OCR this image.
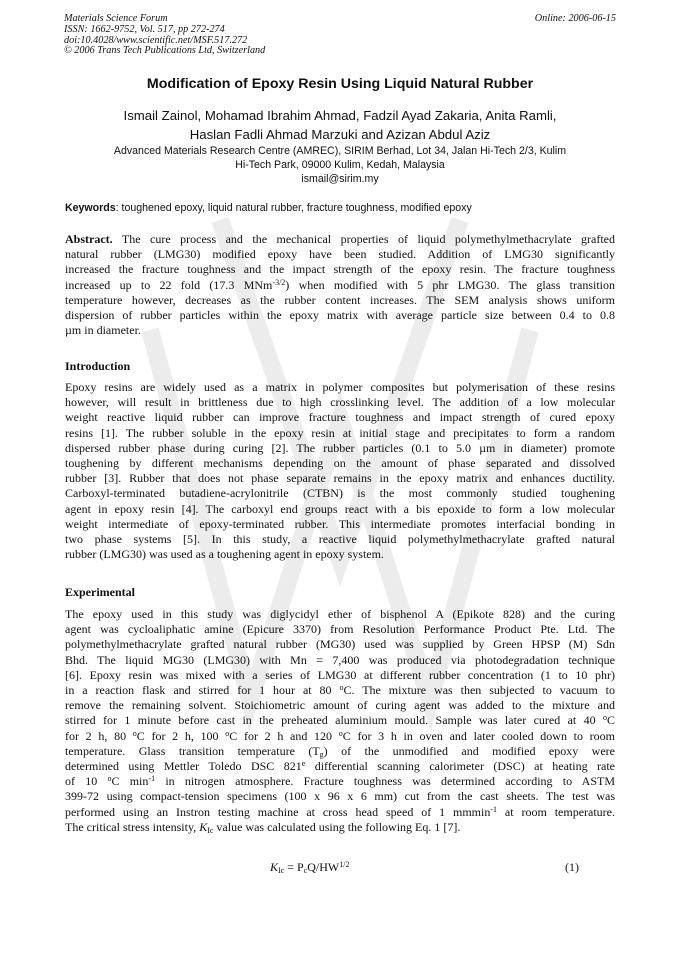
Materials Science Forum
ISSN: 1662-9752, Vol. 517, pp 272-274
doi:10.4028/www.scientific.net/MSF.517.272
© 2006 Trans Tech Publications Ltd, Switzerland
Online: 2006-06-15
Modification of Epoxy Resin Using Liquid Natural Rubber
Ismail Zainol, Mohamad Ibrahim Ahmad, Fadzil Ayad Zakaria, Anita Ramli,
Haslan Fadli Ahmad Marzuki and Azizan Abdul Aziz
Advanced Materials Research Centre (AMREC), SIRIM Berhad, Lot 34, Jalan Hi-Tech 2/3, Kulim
Hi-Tech Park, 09000 Kulim, Kedah, Malaysia
ismail@sirim.my
Keywords: toughened epoxy, liquid natural rubber, fracture toughness, modified epoxy
Abstract. The cure process and the mechanical properties of liquid polymethylmethacrylate grafted
natural rubber (LMG30) modified epoxy have been studied. Addition of LMG30 significantly
increased the fracture toughness and the impact strength of the epoxy resin. The fracture toughness
increased up to 22 fold (17.3 MNm$^{-3/2}$) when modified with 5 phr LMG30. The glass transition
temperature however, decreases as the rubber content increases. The SEM analysis shows uniform
dispersion of rubber particles within the epoxy matrix with average particle size between 0.4 to 0.8
µm in diameter.
Introduction
Epoxy resins are widely used as a matrix in polymer composites but polymerisation of these resins
however, will result in brittleness due to high crosslinking level. The addition of a low molecular
weight reactive liquid rubber can improve fracture toughness and impact strength of cured epoxy
resins [1]. The rubber soluble in the epoxy resin at initial stage and precipitates to form a random
dispersed rubber phase during curing [2]. The rubber particles (0.1 to 5.0 µm in diameter) promote
toughening by different mechanisms depending on the amount of phase separated and dissolved
rubber [3]. Rubber that does not phase separate remains in the epoxy matrix and enhances ductility.
Carboxyl-terminated butadiene-acrylonitrile (CTBN) is the most commonly studied toughening
agent in epoxy resin [4]. The carboxyl end groups react with a bis epoxide to form a low molecular
weight intermediate of epoxy-terminated rubber. This intermediate promotes interfacial bonding in
two phase systems [5]. In this study, a reactive liquid polymethylmethacrylate grafted natural
rubber (LMG30) was used as a toughening agent in epoxy system.
Experimental
The epoxy used in this study was diglycidyl ether of bisphenol A (Epikote 828) and the curing
agent was cycloaliphatic amine (Epicure 3370) from Resolution Performance Product Pte. Ltd. The
polymethylmethacrylate grafted natural rubber (MG30) used was supplied by Green HPSP (M) Sdn
Bhd. The liquid MG30 (LMG30) with Mn = 7,400 was produced via photodegradation technique
[6]. Epoxy resin was mixed with a series of LMG30 at different rubber concentration (1 to 10 phr)
in a reaction flask and stirred for 1 hour at 80 $^o$C. The mixture was then subjected to vacuum to
remove the remaining solvent. Stoichiometric amount of curing agent was added to the mixture and
stirred for 1 minute before cast in the preheated aluminium mould. Sample was later cured at 40 $^o$C
for 2 h, 80 $^o$C for 2 h, 100 $^o$C for 2 h and 120 $^o$C for 3 h in oven and later cooled down to room
temperature. Glass transition temperature $(T_g)$ of the unmodified and modified epoxy were
determined using Mettler Toledo DSC 821e differential scanning calorimeter (DSC) at heating rate
of 10 $^o$C $\min^{-1}$ in nitrogen atmosphere. Fracture toughness was determined according to ASTM
399-72 using compact-tension specimens (100 x 96 x 6 mm) cut from the cast sheets. The test was
performed using an Instron testing machine at cross head speed of 1 mmmin$^{-1}$ at room temperature.
The critical stress intensity, $K_{Ic}$ value was calculated using the following Eq. 1 [7].
$K_{Ic} = P_cQ/HW^{1/2}$	(1)
